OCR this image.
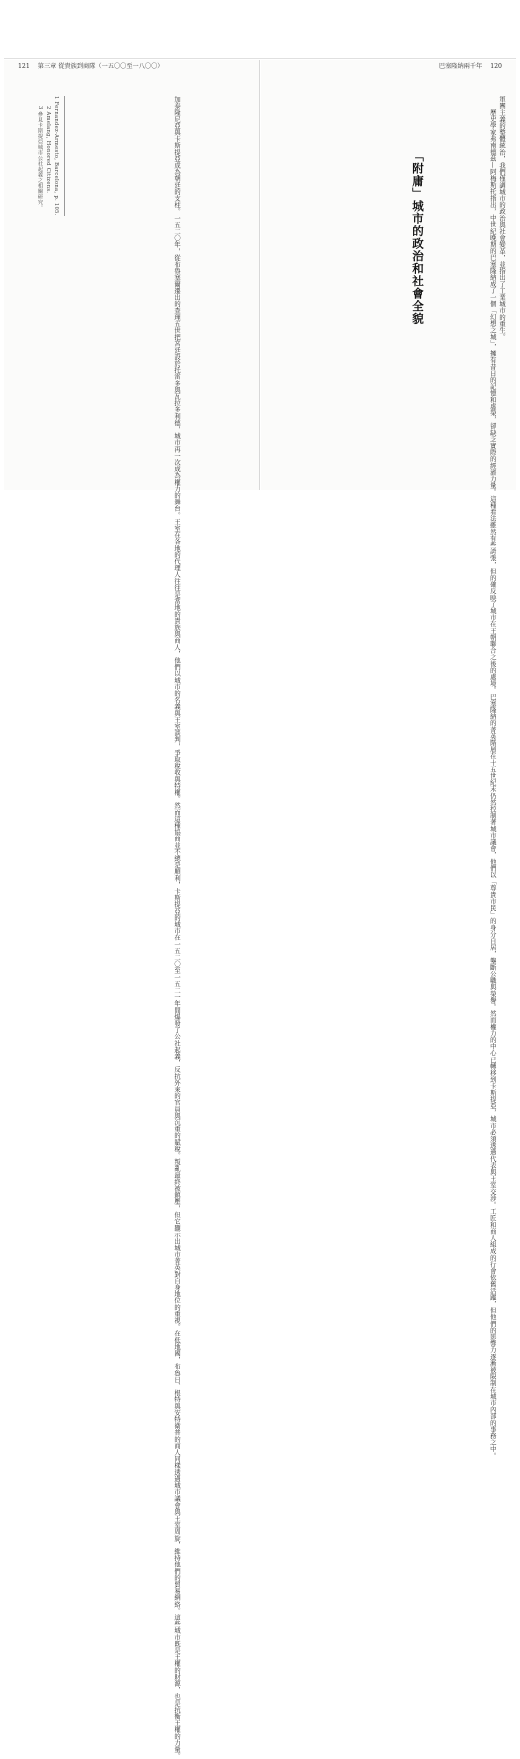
121 第三章 從貴族到商隊（一五〇〇至一八〇〇）
加泰隆尼亞與卡斯提亞成為朝廷的支柱。一五二〇年，從布魯塞爾遷出的查理五世把宮廷設於托雷多與瓦拉多利德，城市再一次成為權力的舞台。王室在各地的代理人往往是當地的貴族與商人，他們以城市的名義與王室談判，爭取稅收與特權。然而這種協商並不總是順利，卡斯提亞的城市在一五二〇至一五二一年間爆發了公社起義，反抗外來的官員與沉重的賦稅。叛亂最終被鎮壓，但它顯示出城市菁英對自身地位的重視。在低地國，布魯日、根特與安特衛普的商人同樣透過城市議會與王室周旋，維持他們的貿易網絡。這些城市既是王權的財源，也是抗衡王權的力量。
1 Fernandez-Armesto, Barcelona, p. 105.
2 Amelang, Honored Citizens.
3 參見卡斯提亞城市公社起義之相關研究。
巴塞隆納兩千年 120
軍團主義的整體統治，我們僅調城市的政治與社會變革，並指出了工業城市的重生。
歷史學家弗南德茲—阿梅斯托指出，中世紀晚期的巴塞隆納成了一個「幻想之城」，擁有昔日的記憶和虛榮，卻缺乏實際的經濟力量。這種看法雖然有些誇張，但的確反映了城市在王朝聯合之後的處境。巴塞隆納的菁英階層在十五世紀末仍然控制著城市議會，他們以「尊貴市民」的身分自居，壟斷公職與榮譽。然而權力的中心已轉移到卡斯提亞，城市必須透過代表與王室交涉。工匠和商人組成的行會依舊活躍，但他們的影響力逐漸被限制在城市內部的事務之中。
「附庸」城市的政治和社會全貌
